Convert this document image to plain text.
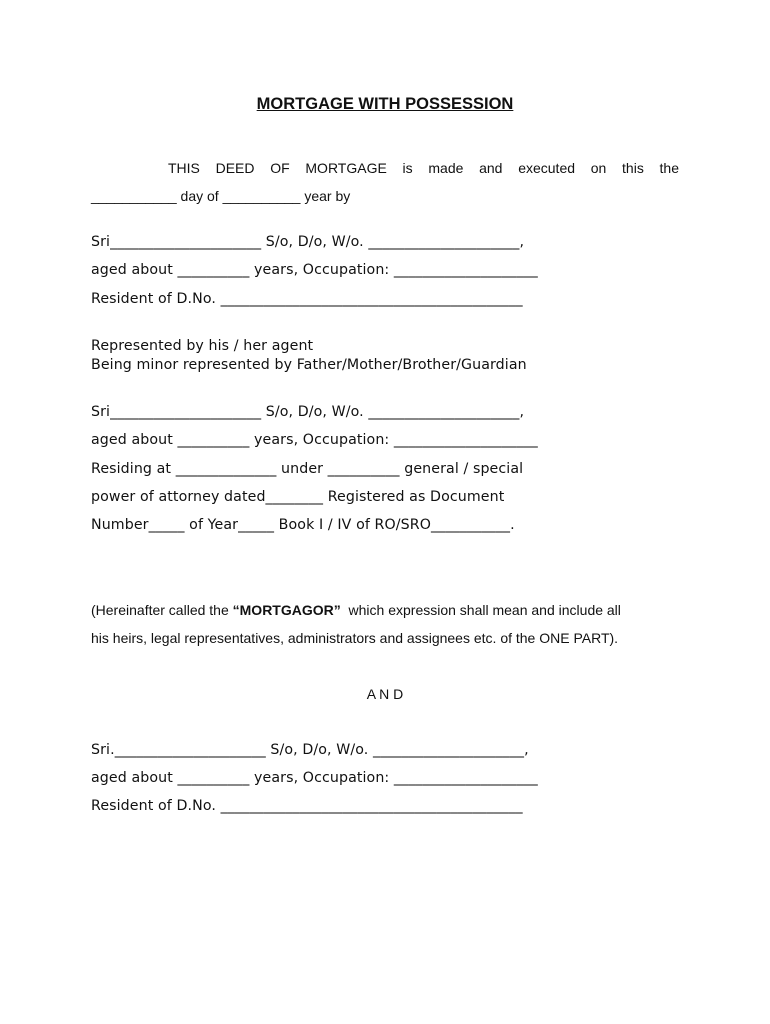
MORTGAGE WITH POSSESSION
THIS DEED OF MORTGAGE is made and executed on this the
___________ day of __________ year by
Sri_____________________ S/o, D/o, W/o. _____________________,
aged about __________ years, Occupation: ____________________
Resident of D.No. __________________________________________
Represented by his / her agent
Being minor represented by Father/Mother/Brother/Guardian
Sri_____________________ S/o, D/o, W/o. _____________________,
aged about __________ years, Occupation: ____________________
Residing at ______________ under __________ general / special
power of attorney dated________ Registered as Document
Number_____ of Year_____ Book I / IV of RO/SRO___________.
(Hereinafter called the “MORTGAGOR”  which expression shall mean and include all
his heirs, legal representatives, administrators and assignees etc. of the ONE PART).
A N D
Sri._____________________ S/o, D/o, W/o. _____________________,
aged about __________ years, Occupation: ____________________
Resident of D.No. __________________________________________
